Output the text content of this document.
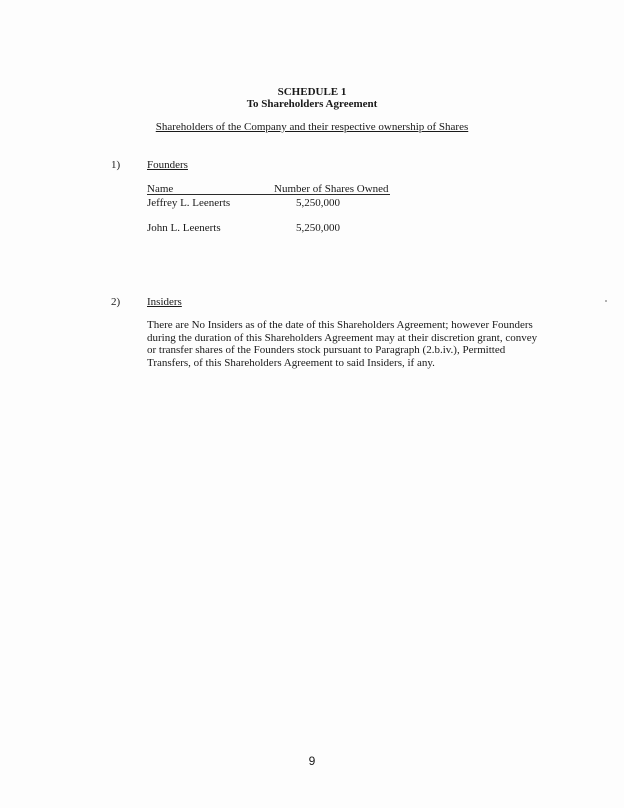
SCHEDULE 1
To Shareholders Agreement
Shareholders of the Company and their respective ownership of Shares
1) Founders
Name	Number of Shares Owned
Jeffrey L. Leenerts	5,250,000
John L. Leenerts	5,250,000
2) Insiders
There are No Insiders as of the date of this Shareholders Agreement; however Founders
during the duration of this Shareholders Agreement may at their discretion grant, convey
or transfer shares of the Founders stock pursuant to Paragraph (2.b.iv.), Permitted
Transfers, of this Shareholders Agreement to said Insiders, if any.
9
